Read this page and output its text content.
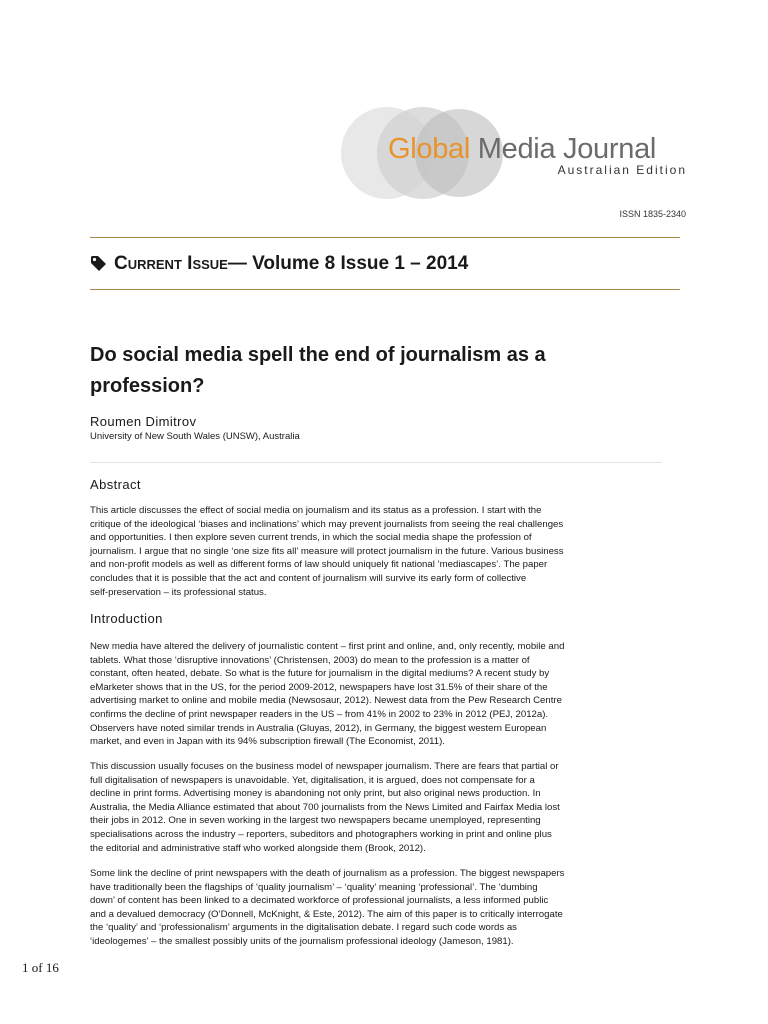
Global Media Journal
Australian Edition
ISSN 1835-2340
Current Issue — Volume 8 Issue 1 – 2014
Do social media spell the end of journalism as a
profession?
Roumen Dimitrov
University of New South Wales (UNSW), Australia
Abstract

This article discusses the effect of social media on journalism and its status as a profession. I start with the

critique of the ideological ‘biases and inclinations’ which may prevent journalists from seeing the real challenges

and opportunities. I then explore seven current trends, in which the social media shape the profession of

journalism. I argue that no single ‘one size fits all’ measure will protect journalism in the future. Various business

and non-profit models as well as different forms of law should uniquely fit national ‘mediascapes’. The paper

concludes that it is possible that the act and content of journalism will survive its early form of collective

self-preservation – its professional status.

Introduction

New media have altered the delivery of journalistic content – first print and online, and, only recently, mobile and

tablets. What those ‘disruptive innovations’ (Christensen, 2003) do mean to the profession is a matter of

constant, often heated, debate. So what is the future for journalism in the digital mediums? A recent study by

eMarketer shows that in the US, for the period 2009-2012, newspapers have lost 31.5% of their share of the

advertising market to online and mobile media (Newsosaur, 2012). Newest data from the Pew Research Centre

confirms the decline of print newspaper readers in the US – from 41% in 2002 to 23% in 2012 (PEJ, 2012a).

Observers have noted similar trends in Australia (Gluyas, 2012), in Germany, the biggest western European

market, and even in Japan with its 94% subscription firewall (The Economist, 2011).

This discussion usually focuses on the business model of newspaper journalism. There are fears that partial or

full digitalisation of newspapers is unavoidable. Yet, digitalisation, it is argued, does not compensate for a

decline in print forms. Advertising money is abandoning not only print, but also original news production. In

Australia, the Media Alliance estimated that about 700 journalists from the News Limited and Fairfax Media lost

their jobs in 2012. One in seven working in the largest two newspapers became unemployed, representing

specialisations across the industry – reporters, subeditors and photographers working in print and online plus

the editorial and administrative staff who worked alongside them (Brook, 2012).

Some link the decline of print newspapers with the death of journalism as a profession. The biggest newspapers

have traditionally been the flagships of ‘quality journalism’ – ‘quality’ meaning ‘professional’. The ‘dumbing

down’ of content has been linked to a decimated workforce of professional journalists, a less informed public

and a devalued democracy (O’Donnell, McKnight, & Este, 2012). The aim of this paper is to critically interrogate

the ‘quality’ and ‘professionalism’ arguments in the digitalisation debate. I regard such code words as

‘ideologemes’ – the smallest possibly units of the journalism professional ideology (Jameson, 1981).

1 of 16
